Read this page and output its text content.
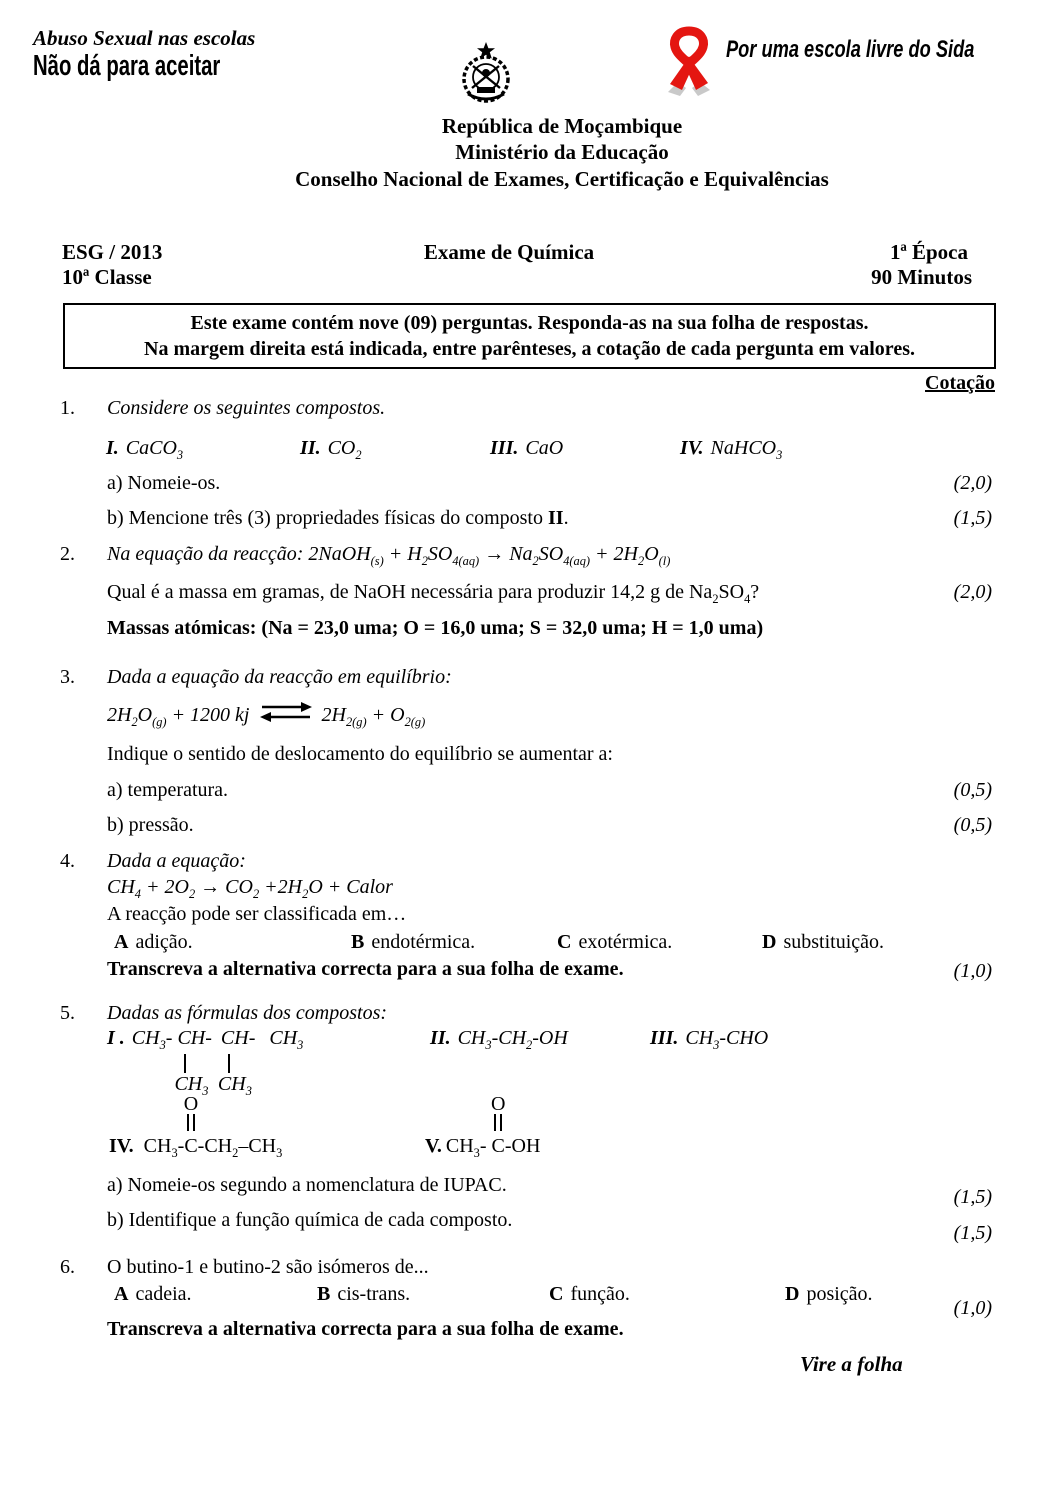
Abuso Sexual nas escolas
Não dá para aceitar
Por uma escola livre do Sida
República de Moçambique
Ministério da Educação
Conselho Nacional de Exames, Certificação e Equivalências
ESG / 2013	Exame de Química	1ª Época
10ª Classe	90 Minutos
Este exame contém nove (09) perguntas. Responda-as na sua folha de respostas.
Na margem direita está indicada, entre parênteses, a cotação de cada pergunta em valores.
Cotação
1. Considere os seguintes compostos.
I. CaCO$_3$	II. $CO_2$	III. CaO	IV. NaHCO$_3$
a) Nomeie-os.	(2,0)
b) Mencione três (3) propriedades físicas do composto II.	(1,5)
2. Na equação da reacção: 2NaOH$_{(s)}$ + $H_2SO_{4(aq)} \to Na_2SO_{4(aq)} + 2H_2O_{(l)}$
Qual é a massa em gramas, de NaOH necessária para produzir 14,2 g de $Na_2SO_4$?	(2,0)
Massas atómicas: (Na = 23,0 uma; O = 16,0 uma; S = 32,0 uma; H = 1,0 uma)
3. Dada a equação da reacção em equilíbrio:
$2H_2O_{(g)} + 1200$ kj ⇌ $2H_{2(g)} + O_{2(g)}$
Indique o sentido de deslocamento do equilíbrio se aumentar a:
a) temperatura.	(0,5)
b) pressão.	(0,5)
4. Dada a equação:
$CH_4 + 2O_2 \to CO_2 +2H_2O$ + Calor
A reacção pode ser classificada em…
A adição.	B endotérmica.	C exotérmica.	D substituição.
Transcreva a alternativa correcta para a sua folha de exame.	(1,0)
5. Dadas as fórmulas dos compostos:
I . $CH_3-$ CH-
$CH_3$
CH-
$CH_3$
$CH_3$	II. $CH_3-CH_2-OH$	III. $CH_3$-CHO
IV. $CH_3-$
O
$C-CH_2-CH_3$	V. $CH_3-$
O
C-OH
a) Nomeie-os segundo a nomenclatura de IUPAC.
(1,5)
b) Identifique a função química de cada composto.
(1,5)
6. O butino-1 e butino-2 são isómeros de...
A cadeia.	B cis-trans.	C função.	D posição.
(1,0)
Transcreva a alternativa correcta para a sua folha de exame.
Vire a folha
